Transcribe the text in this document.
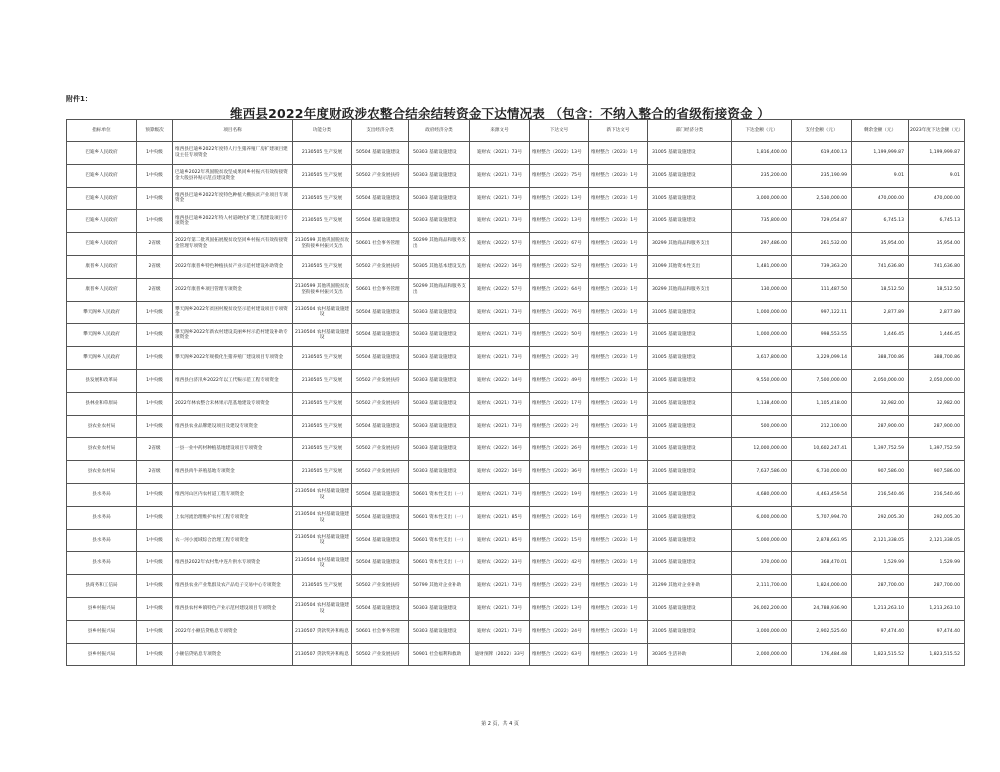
附件1：
维西县2022年度财政涉农整合结余结转资金下达情况表 （包含：不纳入整合的省级衔接资金 ）
指标单位	预算级次	项目名称	功能分类	支出经济分类	政府经济分类	来源文号	下达文号	新下达文号	部门经济分类	下达金额（元）	支付金额（元）	剩余金额（元）	2023年度下达金额（元）
巴迪乡人民政府	1中央级	维西县巴迪乡2022年度特人行生猪养殖厂房扩建项目建设主任专项资金	2130505 生产发展	50504 基础设施建设	50303 基础设施建设	迪财农（2021）73号	维财整合（2022）13号	维财整合（2023）1号	31005 基础设施建设	1,816,400.00	619,400.13	1,199,999.87	1,199,999.87
巴迪乡人民政府	1中央级	巴迪乡2022年巩固脱贫攻坚成果同乡村振兴有效衔接资金大般县补贴示范点建设资金	2130505 生产发展	50502 产业发展扶持	50303 基础设施建设	迪财农（2021）73号	维财整合（2022）75号	维财整合（2023）1号	31005 基础设施建设	235,200.00	235,190.99	9.01	9.01
巴迪乡人民政府	1中央级	维西县巴迪乡2022年度特色种植大棚扶贫产业项目专项资金	2130505 生产发展	50504 基础设施建设	50303 基础设施建设	迪财农（2021）73号	维财整合（2022）13号	维财整合（2023）1号	31005 基础设施建设	3,000,000.00	2,530,000.00	470,000.00	470,000.00
巴迪乡人民政府	1中央级	维西县巴迪乡2022年特人村道硬化扩建工程建设项目专项资金	2130505 生产发展	50504 基础设施建设	50303 基础设施建设	迪财农（2021）73号	维财整合（2022）13号	维财整合（2023）1号	31005 基础设施建设	735,800.00	729,054.87	6,745.13	6,745.13
巴迪乡人民政府	2省级	2022年第二批巩固拓展脱贫攻坚同乡村振兴有效衔接资金管理专项资金	2130599 其他巩固脱贫攻坚衔接乡村振兴支出	50601 社会事务管理	50299 其他商品和服务支出	迪财农（2022）57号	维财整合（2022）67号	维财整合（2023）1号	30299 其他商品和服务支出	297,486.00	261,532.00	35,954.00	35,954.00
康普乡人民政府	2省级	2022年康普乡特色种植扶贫产业示范村建设补助资金	2130505 生产发展	50502 产业发展扶持	50305 其他基本建设支出	迪财农（2022）16号	维财整合（2022）52号	维财整合（2023）1号	31099 其他资本性支出	1,481,000.00	739,363.20	741,636.80	741,636.80
康普乡人民政府	2省级	2022年康普乡项目管理专项资金	2130599 其他巩固脱贫攻坚衔接乡村振兴支出	50601 社会事务管理	50299 其他商品和服务支出	迪财农（2022）57号	维财整合（2022）64号	维财整合（2023）1号	30299 其他商品和服务支出	130,000.00	111,487.50	18,512.50	18,512.50
攀天阁乡人民政府	1中央级	攀天阁乡2022年贫困村脱贫攻坚示范村建设项目专项资金	2130504 农村基础设施建设	50504 基础设施建设	50303 基础设施建设	迪财农（2021）73号	维财整合（2022）76号	维财整合（2023）1号	31005 基础设施建设	1,000,000.00	997,122.11	2,877.89	2,877.89
攀天阁乡人民政府	1中央级	攀天阁乡2022年新农村建设美丽乡村示范村建设补助专项资金	2130504 农村基础设施建设	50504 基础设施建设	50303 基础设施建设	迪财农（2021）73号	维财整合（2022）50号	维财整合（2023）1号	31005 基础设施建设	1,000,000.00	998,553.55	1,446.45	1,446.45
攀天阁乡人民政府	1中央级	攀天阁乡2022年规模化生猪养殖厂建设项目专项资金	2130505 生产发展	50504 基础设施建设	50303 基础设施建设	迪财农（2021）73号	维财整合（2022）3号	维财整合（2023）1号	31005 基础设施建设	3,617,800.00	3,229,099.14	388,700.86	388,700.86
县发展和改革局	1中央级	维西县白济汛乡2022年以工代赈示范工程专项资金	2130505 生产发展	50502 产业发展扶持	50303 基础设施建设	迪财农（2022）14号	维财整合（2022）49号	维财整合（2023）1号	31005 基础设施建设	9,550,000.00	7,500,000.00	2,050,000.00	2,050,000.00
县林业和草原局	1中央级	2022年林农整合未林果示范基地建设专项资金	2130505 生产发展	50502 产业发展扶持	50303 基础设施建设	迪财农（2021）73号	维财整合（2022）17号	维财整合（2023）1号	31005 基础设施建设	1,138,400.00	1,105,418.00	32,982.00	32,982.00
县农业农村局	1中央级	维西县农业品牌建设项目及建设专项资金	2130505 生产发展	50504 基础设施建设	50303 基础设施建设	迪财农（2021）73号	维财整合（2022）2号	维财整合（2023）1号	31005 基础设施建设	500,000.00	212,100.00	287,900.00	287,900.00
县农业农村局	2省级	一县一业中药材种植基地建设项目专项资金	2130505 生产发展	50502 产业发展扶持	50303 基础设施建设	迪财农（2022）16号	维财整合（2022）26号	维财整合（2023）1号	31005 基础设施建设	12,000,000.00	10,602,247.41	1,397,752.59	1,397,752.59
县农业农村局	2省级	维西县肉牛养殖基地专项资金	2130505 生产发展	50502 产业发展扶持	50303 基础设施建设	迪财农（2022）16号	维财整合（2022）36号	维财整合（2023）1号	31005 基础设施建设	7,637,586.00	6,730,000.00	907,586.00	907,586.00
县水务局	1中央级	维西河山区内农村道工程专项资金	2130504 农村基础设施建设	50504 基础设施建设	50601 资本性支出（一）	迪财农（2021）73号	维财整合（2022）19号	维财整合（2023）1号	31005 基础设施建设	4,680,000.00	4,463,459.54	216,540.46	216,540.46
县水务局	1中央级	上农河流治理维护农村工程专项资金	2130504 农村基础设施建设	50504 基础设施建设	50601 资本性支出（一）	迪财农（2021）85号	维财整合（2022）16号	维财整合（2023）1号	31005 基础设施建设	6,000,000.00	5,707,994.70	292,005.30	292,005.30
县水务局	1中央级	农一河小流域综合治理工程专项资金	2130504 农村基础设施建设	50504 基础设施建设	50601 资本性支出（一）	迪财农（2021）85号	维财整合（2022）15号	维财整合（2023）1号	31005 基础设施建设	5,000,000.00	2,878,661.95	2,121,338.05	2,121,338.05
县水务局	1中央级	维西县2022年农村集中连片供水专项资金	2130504 农村基础设施建设	50504 基础设施建设	50601 资本性支出（一）	迪财农（2022）33号	维财整合（2022）42号	维财整合（2023）1号	31005 基础设施建设	370,000.00	368,470.01	1,529.99	1,529.99
县商务和工信局	1中央级	维西县农业产业集群及农产品电子交易中心专项资金	2130505 生产发展	50502 产业发展扶持	50799 其他对企业补助	迪财农（2021）73号	维财整合（2022）23号	维财整合（2023）1号	31299 其他对企业补助	2,111,700.00	1,824,000.00	287,700.00	287,700.00
县乡村振兴局	1中央级	维西县农村乡镇特色产业示范村建设项目专项资金	2130504 农村基础设施建设	50504 基础设施建设	50303 基础设施建设	迪财农（2021）73号	维财整合（2022）13号	维财整合（2023）1号	31005 基础设施建设	26,002,200.00	24,788,936.90	1,213,263.10	1,213,263.10
县乡村振兴局	1中央级	2022年小额信贷贴息专项资金	2130507 贷款奖补和贴息	50601 社会事务管理	50303 基础设施建设	迪财农（2021）73号	维财整合（2022）24号	维财整合（2023）1号	31005 基础设施建设	3,000,000.00	2,902,525.60	97,474.40	97,474.40
县乡村振兴局	1中央级	小额信贷贴息专项资金	2130507 贷款奖补和贴息	50502 产业发展扶持	50901 社会福利和救助	迪财预牌（2022）33号	维财整合（2022）63号	维财整合（2023）1号	30305 生活补助	2,000,000.00	176,484.48	1,823,515.52	1,823,515.52
第 2 页，共 4 页
